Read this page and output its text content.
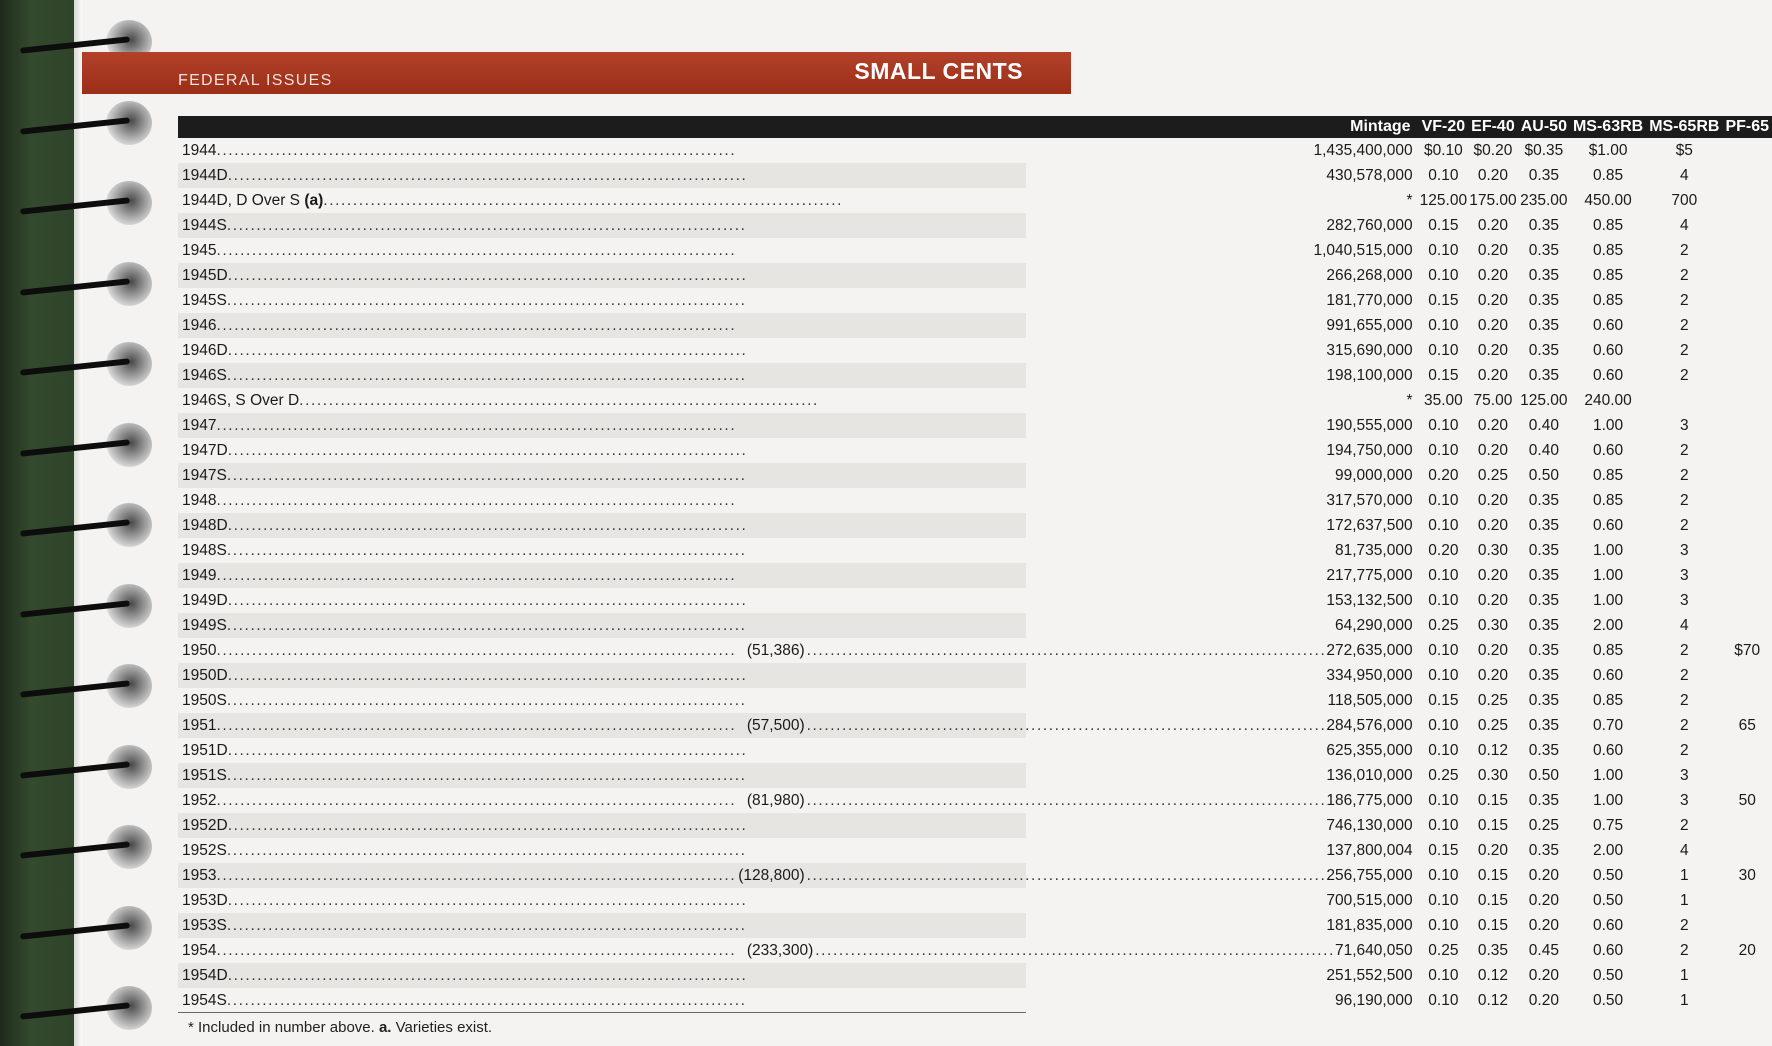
FEDERAL ISSUES	SMALL CENTS
Mintage	VF-20	EF-40	AU-50	MS-63RB	MS-65RB	PF-65

1944 ..... 1,435,400,000	$0.10	$0.20	$0.35	$1.00	$5	

1944D ..... 430,578,000	0.10	0.20	0.35	0.85	4	

1944D, D Over S (a) ..... *	125.00	175.00	235.00	450.00	700	

1944S ..... 282,760,000	0.15	0.20	0.35	0.85	4	

1945 ..... 1,040,515,000	0.10	0.20	0.35	0.85	2	

1945D ..... 266,268,000	0.10	0.20	0.35	0.85	2	

1945S ..... 181,770,000	0.15	0.20	0.35	0.85	2	

1946 ..... 991,655,000	0.10	0.20	0.35	0.60	2	

1946D ..... 315,690,000	0.10	0.20	0.35	0.60	2	

1946S ..... 198,100,000	0.15	0.20	0.35	0.60	2	

1946S, S Over D ..... *	35.00	75.00	125.00	240.00		

1947 ..... 190,555,000	0.10	0.20	0.40	1.00	3	

1947D ..... 194,750,000	0.10	0.20	0.40	0.60	2	

1947S ..... 99,000,000	0.20	0.25	0.50	0.85	2	

1948 ..... 317,570,000	0.10	0.20	0.35	0.85	2	

1948D ..... 172,637,500	0.10	0.20	0.35	0.60	2	

1948S ..... 81,735,000	0.20	0.30	0.35	1.00	3	

1949 ..... 217,775,000	0.10	0.20	0.35	1.00	3	

1949D ..... 153,132,500	0.10	0.20	0.35	1.00	3	

1949S ..... 64,290,000	0.25	0.30	0.35	2.00	4	

1950 ..... (51,386) ..... 272,635,000	0.10	0.20	0.35	0.85	2	$70

1950D ..... 334,950,000	0.10	0.20	0.35	0.60	2	

1950S ..... 118,505,000	0.15	0.25	0.35	0.85	2	

1951 ..... (57,500) ..... 284,576,000	0.10	0.25	0.35	0.70	2	65

1951D ..... 625,355,000	0.10	0.12	0.35	0.60	2	

1951S ..... 136,010,000	0.25	0.30	0.50	1.00	3	

1952 ..... (81,980) ..... 186,775,000	0.10	0.15	0.35	1.00	3	50

1952D ..... 746,130,000	0.10	0.15	0.25	0.75	2	

1952S ..... 137,800,004	0.15	0.20	0.35	2.00	4	

1953 ..... (128,800) ..... 256,755,000	0.10	0.15	0.20	0.50	1	30

1953D ..... 700,515,000	0.10	0.15	0.20	0.50	1	

1953S ..... 181,835,000	0.10	0.15	0.20	0.60	2	

1954 ..... (233,300) ..... 71,640,050	0.25	0.35	0.45	0.60	2	20

1954D ..... 251,552,500	0.10	0.12	0.20	0.50	1	

1954S ..... 96,190,000	0.10	0.12	0.20	0.50	1	
* Included in number above. a. Varieties exist.
